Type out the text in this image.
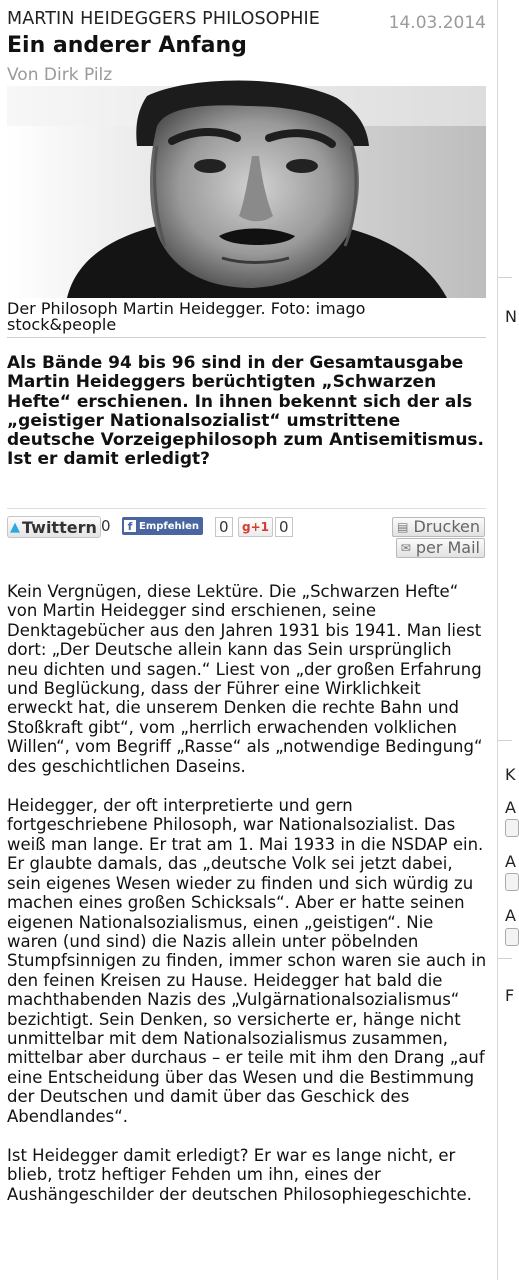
N
K
A
A
A
F
MARTIN HEIDEGGERS PHILOSOPHIE	14.03.2014
Ein anderer Anfang
Von Dirk Pilz
Der Philosoph Martin Heidegger. Foto: imago stock&people
Als Bände 94 bis 96 sind in der Gesamtausgabe Martin Heideggers berüchtigten „Schwarzen Hefte“ erschienen. In ihnen bekennt sich der als „geistiger Nationalsozialist“ umstrittene deutsche Vorzeigephilosoph zum Antisemitismus. Ist er damit erledigt?
▲ Twittern 0	f Empfehlen 0	g+1 0	▤ Drucken
✉ per Mail

Kein Vergnügen, diese Lektüre. Die „Schwarzen Hefte“ von Martin Heidegger sind erschienen, seine Denktagebücher aus den Jahren 1931 bis 1941. Man liest dort: „Der Deutsche allein kann das Sein ursprünglich neu dichten und sagen.“ Liest von „der großen Erfahrung und Beglückung, dass der Führer eine Wirklichkeit erweckt hat, die unserem Denken die rechte Bahn und Stoßkraft gibt“, vom „herrlich erwachenden volklichen Willen“, vom Begriff „Rasse“ als „notwendige Bedingung“ des geschichtlichen Daseins.

Heidegger, der oft interpretierte und gern fortgeschriebene Philosoph, war Nationalsozialist. Das weiß man lange. Er trat am 1. Mai 1933 in die NSDAP ein. Er glaubte damals, das „deutsche Volk sei jetzt dabei, sein eigenes Wesen wieder zu finden und sich würdig zu machen eines großen Schicksals“. Aber er hatte seinen eigenen Nationalsozialismus, einen „geistigen“. Nie waren (und sind) die Nazis allein unter pöbelnden Stumpfsinnigen zu finden, immer schon waren sie auch in den feinen Kreisen zu Hause. Heidegger hat bald die machthabenden Nazis des „Vulgärnationalsozialismus“ bezichtigt. Sein Denken, so versicherte er, hänge nicht unmittelbar mit dem Nationalsozialismus zusammen, mittelbar aber durchaus – er teile mit ihm den Drang „auf eine Entscheidung über das Wesen und die Bestimmung der Deutschen und damit über das Geschick des Abendlandes“.

Ist Heidegger damit erledigt? Er war es lange nicht, er blieb, trotz heftiger Fehden um ihn, eines der Aushängeschilder der deutschen Philosophiegeschichte.
